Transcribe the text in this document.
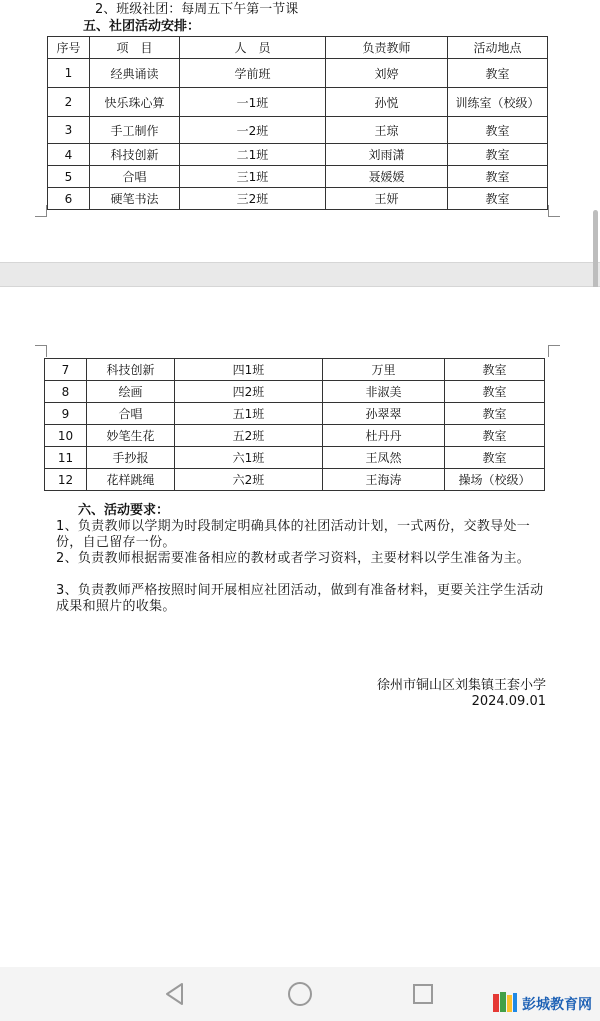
2、班级社团：每周五下午第一节课
五、社团活动安排：
序号	项　目	人　员	负责教师	活动地点
1	经典诵读	学前班	刘婷	教室
2	快乐珠心算	一1班	孙悦	训练室（校级）
3	手工制作	一2班	王琼	教室
4	科技创新	二1班	刘雨潇	教室
5	合唱	三1班	聂媛媛	教室
6	硬笔书法	三2班	王妍	教室
7	科技创新	四1班	万里	教室
8	绘画	四2班	非淑美	教室
9	合唱	五1班	孙翠翠	教室
10	妙笔生花	五2班	杜丹丹	教室
11	手抄报	六1班	王凤然	教室
12	花样跳绳	六2班	王海涛	操场（校级）
六、活动要求：
1、负责教师以学期为时段制定明确具体的社团活动计划，一式两份，交教导处一份，自己留存一份。
2、负责教师根据需要准备相应的教材或者学习资料，主要材料以学生准备为主。
3、负责教师严格按照时间开展相应社团活动，做到有准备材料，更要关注学生活动成果和照片的收集。
徐州市铜山区刘集镇王套小学
2024.09.01
彭城教育网
